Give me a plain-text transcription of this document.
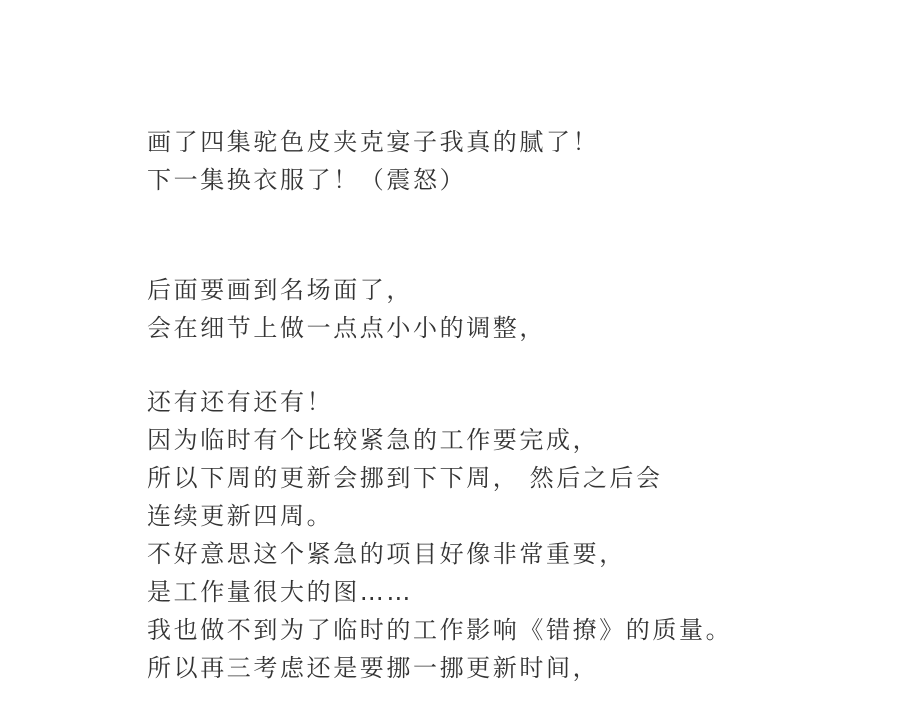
画了四集驼色皮夹克宴子我真的腻了！
下一集换衣服了！（震怒）
后面要画到名场面了，
会在细节上做一点点小小的调整，
还有还有还有！
因为临时有个比较紧急的工作要完成，
所以下周的更新会挪到下下周， 然后之后会
连续更新四周。
不好意思这个紧急的项目好像非常重要，
是工作量很大的图……
我也做不到为了临时的工作影响《错撩》的质量。
所以再三考虑还是要挪一挪更新时间，
